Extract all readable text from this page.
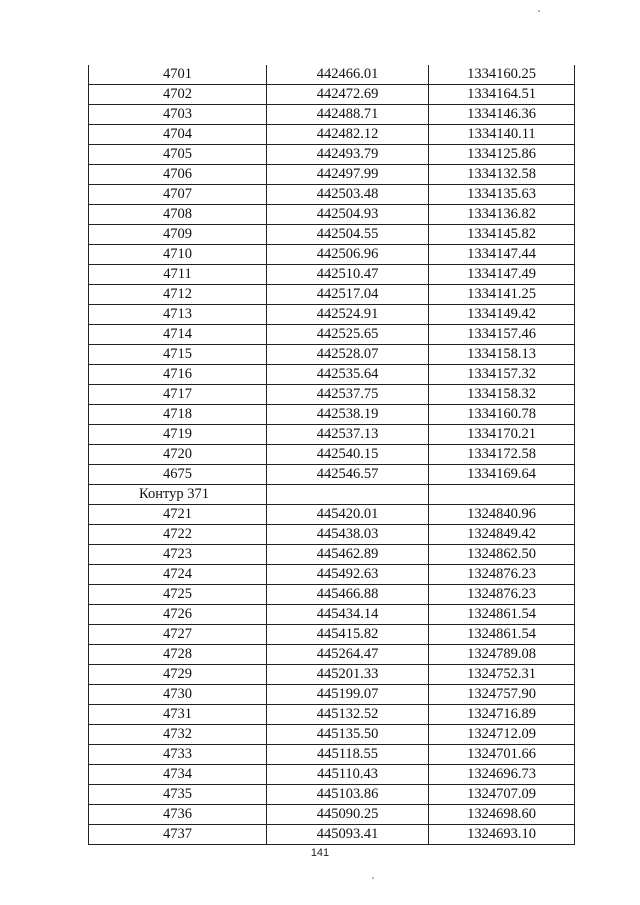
4701	442466.01	1334160.25
4702	442472.69	1334164.51
4703	442488.71	1334146.36
4704	442482.12	1334140.11
4705	442493.79	1334125.86
4706	442497.99	1334132.58
4707	442503.48	1334135.63
4708	442504.93	1334136.82
4709	442504.55	1334145.82
4710	442506.96	1334147.44
4711	442510.47	1334147.49
4712	442517.04	1334141.25
4713	442524.91	1334149.42
4714	442525.65	1334157.46
4715	442528.07	1334158.13
4716	442535.64	1334157.32
4717	442537.75	1334158.32
4718	442538.19	1334160.78
4719	442537.13	1334170.21
4720	442540.15	1334172.58
4675	442546.57	1334169.64
Контур 371		
4721	445420.01	1324840.96
4722	445438.03	1324849.42
4723	445462.89	1324862.50
4724	445492.63	1324876.23
4725	445466.88	1324876.23
4726	445434.14	1324861.54
4727	445415.82	1324861.54
4728	445264.47	1324789.08
4729	445201.33	1324752.31
4730	445199.07	1324757.90
4731	445132.52	1324716.89
4732	445135.50	1324712.09
4733	445118.55	1324701.66
4734	445110.43	1324696.73
4735	445103.86	1324707.09
4736	445090.25	1324698.60
4737	445093.41	1324693.10
141
